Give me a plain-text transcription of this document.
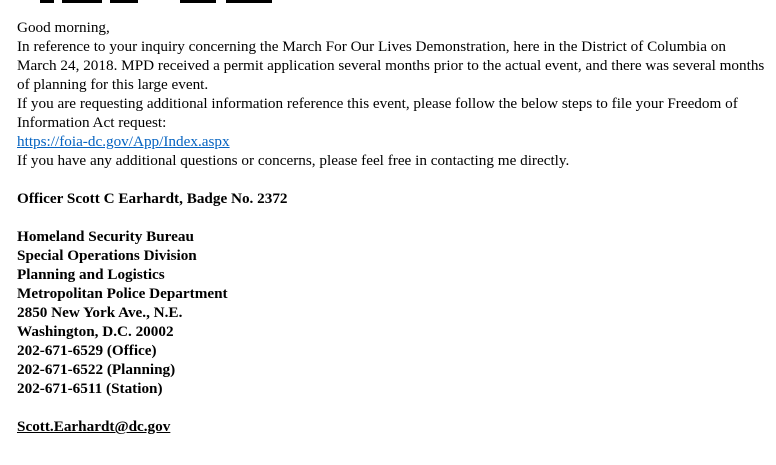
Good morning,
In reference to your inquiry concerning the March For Our Lives Demonstration, here in the District of Columbia on March 24, 2018. MPD received a permit application several months prior to the actual event, and there was several months of planning for this large event.
If you are requesting additional information reference this event, please follow the below steps to file your Freedom of Information Act request:
https://foia-dc.gov/App/Index.aspx
If you have any additional questions or concerns, please feel free in contacting me directly.
Officer Scott C Earhardt, Badge No. 2372
Homeland Security Bureau
Special Operations Division
Planning and Logistics
Metropolitan Police Department
2850 New York Ave., N.E.
Washington, D.C. 20002
202-671-6529 (Office)
202-671-6522 (Planning)
202-671-6511 (Station)
Scott.Earhardt@dc.gov
